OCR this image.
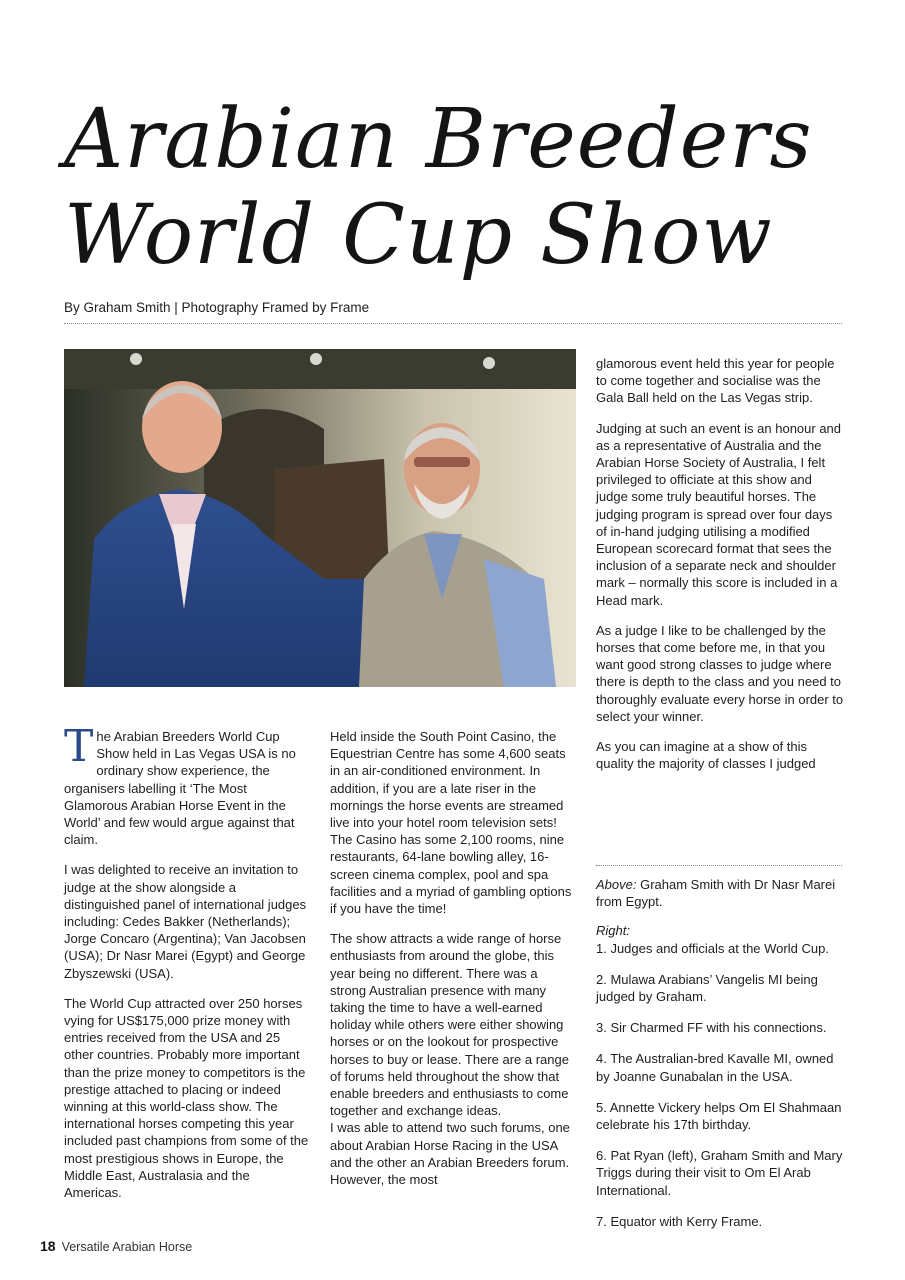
Arabian Breeders
World Cup Show
By Graham Smith | Photography Framed by Frame

The Arabian Breeders World Cup Show held in Las Vegas USA is no ordinary show experience, the organisers labelling it ‘The Most Glamorous Arabian Horse Event in the World’ and few would argue against that claim.

I was delighted to receive an invitation to judge at the show alongside a distinguished panel of international judges including: Cedes Bakker (Netherlands); Jorge Concaro (Argentina); Van Jacobsen (USA); Dr Nasr Marei (Egypt) and George Zbyszewski (USA).

The World Cup attracted over 250 horses vying for US$175,000 prize money with entries received from the USA and 25 other countries. Probably more important than the prize money to competitors is the prestige attached to placing or indeed winning at this world-class show. The international horses competing this year included past champions from some of the most prestigious shows in Europe, the Middle East, Australasia and the Americas.

Held inside the South Point Casino, the Equestrian Centre has some 4,600 seats in an air-conditioned environment. In addition, if you are a late riser in the mornings the horse events are streamed live into your hotel room television sets! The Casino has some 2,100 rooms, nine restaurants, 64-lane bowling alley, 16-screen cinema complex, pool and spa facilities and a myriad of gambling options if you have the time!

The show attracts a wide range of horse enthusiasts from around the globe, this year being no different. There was a strong Australian presence with many taking the time to have a well-earned holiday while others were either showing horses or on the lookout for prospective horses to buy or lease. There are a range of forums held throughout the show that enable breeders and enthusiasts to come together and exchange ideas.

I was able to attend two such forums, one about Arabian Horse Racing in the USA and the other an Arabian Breeders forum. However, the most

glamorous event held this year for people to come together and socialise was the Gala Ball held on the Las Vegas strip.

Judging at such an event is an honour and as a representative of Australia and the Arabian Horse Society of Australia, I felt privileged to officiate at this show and judge some truly beautiful horses. The judging program is spread over four days of in-hand judging utilising a modified European scorecard format that sees the inclusion of a separate neck and shoulder mark – normally this score is included in a Head mark.

As a judge I like to be challenged by the horses that come before me, in that you want good strong classes to judge where there is depth to the class and you need to thoroughly evaluate every horse in order to select your winner.

As you can imagine at a show of this quality the majority of classes I judged

Above: Graham Smith with Dr Nasr Marei from Egypt.

Right:

1. Judges and officials at the World Cup.

2. Mulawa Arabians’ Vangelis MI being judged by Graham.

3. Sir Charmed FF with his connections.

4. The Australian-bred Kavalle MI, owned by Joanne Gunabalan in the USA.

5. Annette Vickery helps Om El Shahmaan celebrate his 17th birthday.

6. Pat Ryan (left), Graham Smith and Mary Triggs during their visit to Om El Arab International.

7. Equator with Kerry Frame.

18 Versatile Arabian Horse
